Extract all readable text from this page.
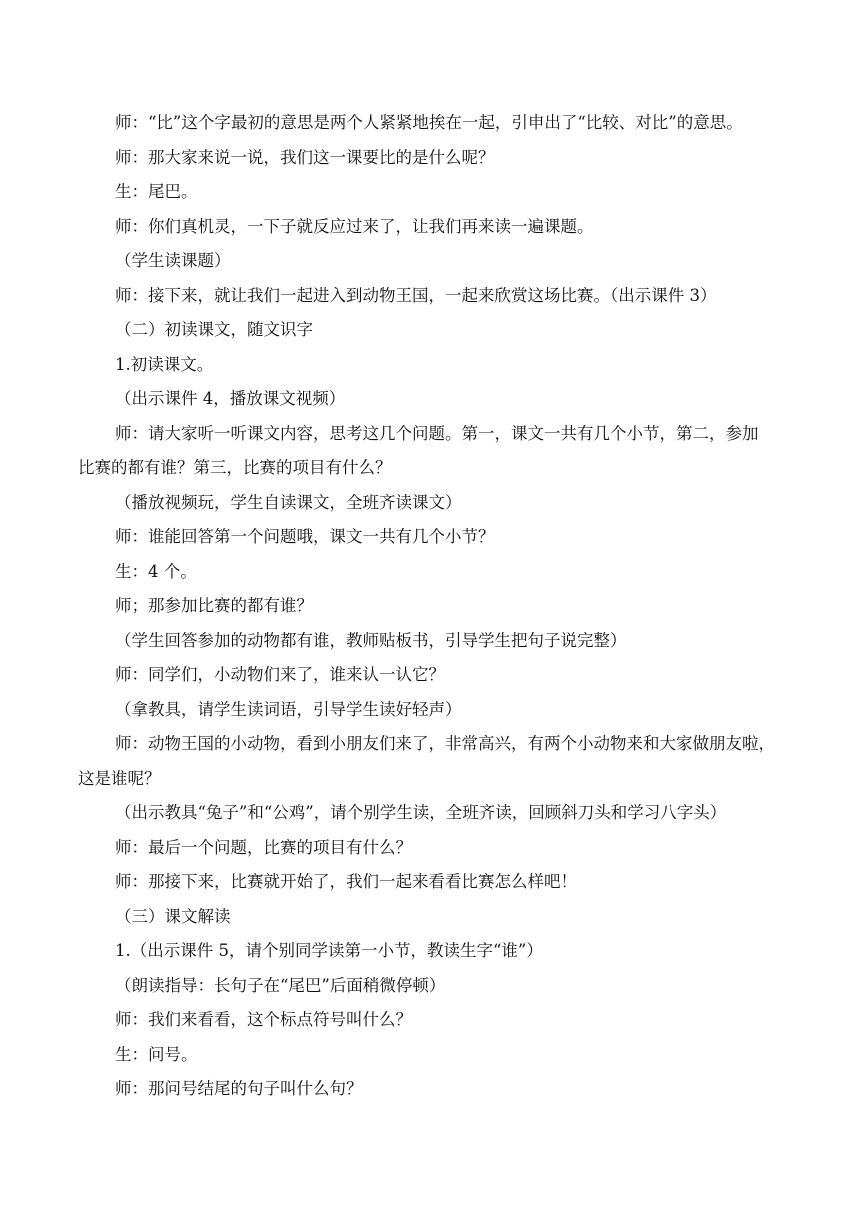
师：“比”这个字最初的意思是两个人紧紧地挨在一起，引申出了“比较、对比”的意思。

师：那大家来说一说，我们这一课要比的是什么呢？

生：尾巴。

师：你们真机灵，一下子就反应过来了，让我们再来读一遍课题。

（学生读课题）

师：接下来，就让我们一起进入到动物王国，一起来欣赏这场比赛。（出示课件 3）

（二）初读课文，随文识字

1.初读课文。

（出示课件 4，播放课文视频）

师：请大家听一听课文内容，思考这几个问题。第一，课文一共有几个小节，第二，参加
比赛的都有谁？第三，比赛的项目有什么？

（播放视频玩，学生自读课文，全班齐读课文）

师：谁能回答第一个问题哦，课文一共有几个小节？

生：4 个。

师；那参加比赛的都有谁？

（学生回答参加的动物都有谁，教师贴板书，引导学生把句子说完整）

师：同学们，小动物们来了，谁来认一认它？

（拿教具，请学生读词语，引导学生读好轻声）

师：动物王国的小动物，看到小朋友们来了，非常高兴，有两个小动物来和大家做朋友啦，
这是谁呢？

（出示教具“兔子”和“公鸡”，请个别学生读，全班齐读，回顾斜刀头和学习八字头）

师：最后一个问题，比赛的项目有什么？

师：那接下来，比赛就开始了，我们一起来看看比赛怎么样吧！

（三）课文解读

1.（出示课件 5，请个别同学读第一小节，教读生字“谁”）

（朗读指导：长句子在“尾巴”后面稍微停顿）

师：我们来看看，这个标点符号叫什么？

生：问号。

师：那问号结尾的句子叫什么句？
